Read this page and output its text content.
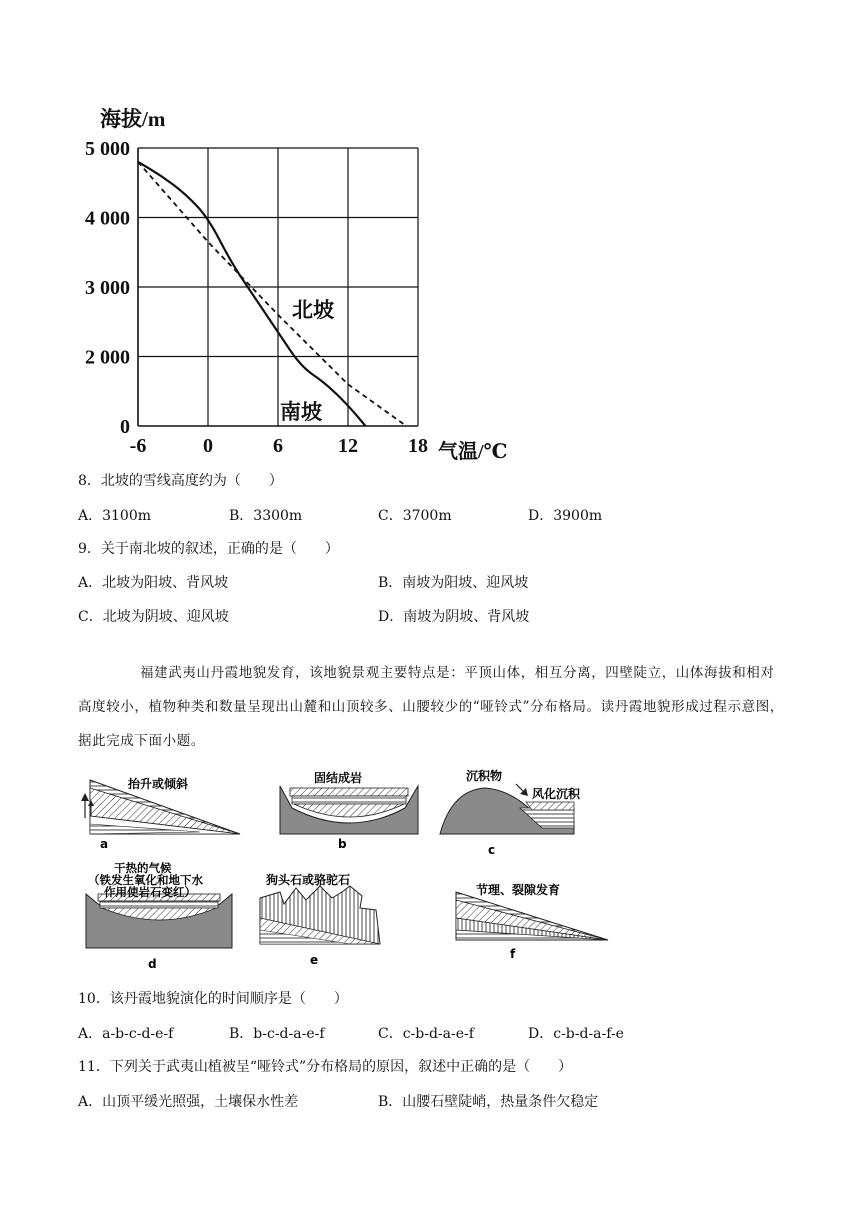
海拔/m
5 000
4 000
3 000
2 000
0
-6	0	6	12	18
北坡
南坡
气温/℃
8．北坡的雪线高度约为（　　）
A．3100m	B．3300m	C．3700m	D．3900m
9．关于南北坡的叙述，正确的是（　　）
A．北坡为阳坡、背风坡	B．南坡为阳坡、迎风坡
C．北坡为阴坡、迎风坡	D．南坡为阴坡、背风坡
福建武夷山丹霞地貌发育，该地貌景观主要特点是：平顶山体，相互分离，四壁陡立，山体海拔和相对高度较小，植物种类和数量呈现出山麓和山顶较多、山腰较少的“哑铃式”分布格局。读丹霞地貌形成过程示意图，据此完成下面小题。
抬升或倾斜
a
固结成岩
b
沉积物
风化沉积
c
干热的气候
（铁发生氧化和地下水
作用使岩石变红）
d
狗头石或骆驼石
e
节理、裂隙发育
f
10．该丹霞地貌演化的时间顺序是（　　）
A．a-b-c-d-e-f	B．b-c-d-a-e-f	C．c-b-d-a-e-f	D．c-b-d-a-f-e
11．下列关于武夷山植被呈“哑铃式”分布格局的原因，叙述中正确的是（　　）
A．山顶平缓光照强，土壤保水性差	B．山腰石壁陡峭，热量条件欠稳定
